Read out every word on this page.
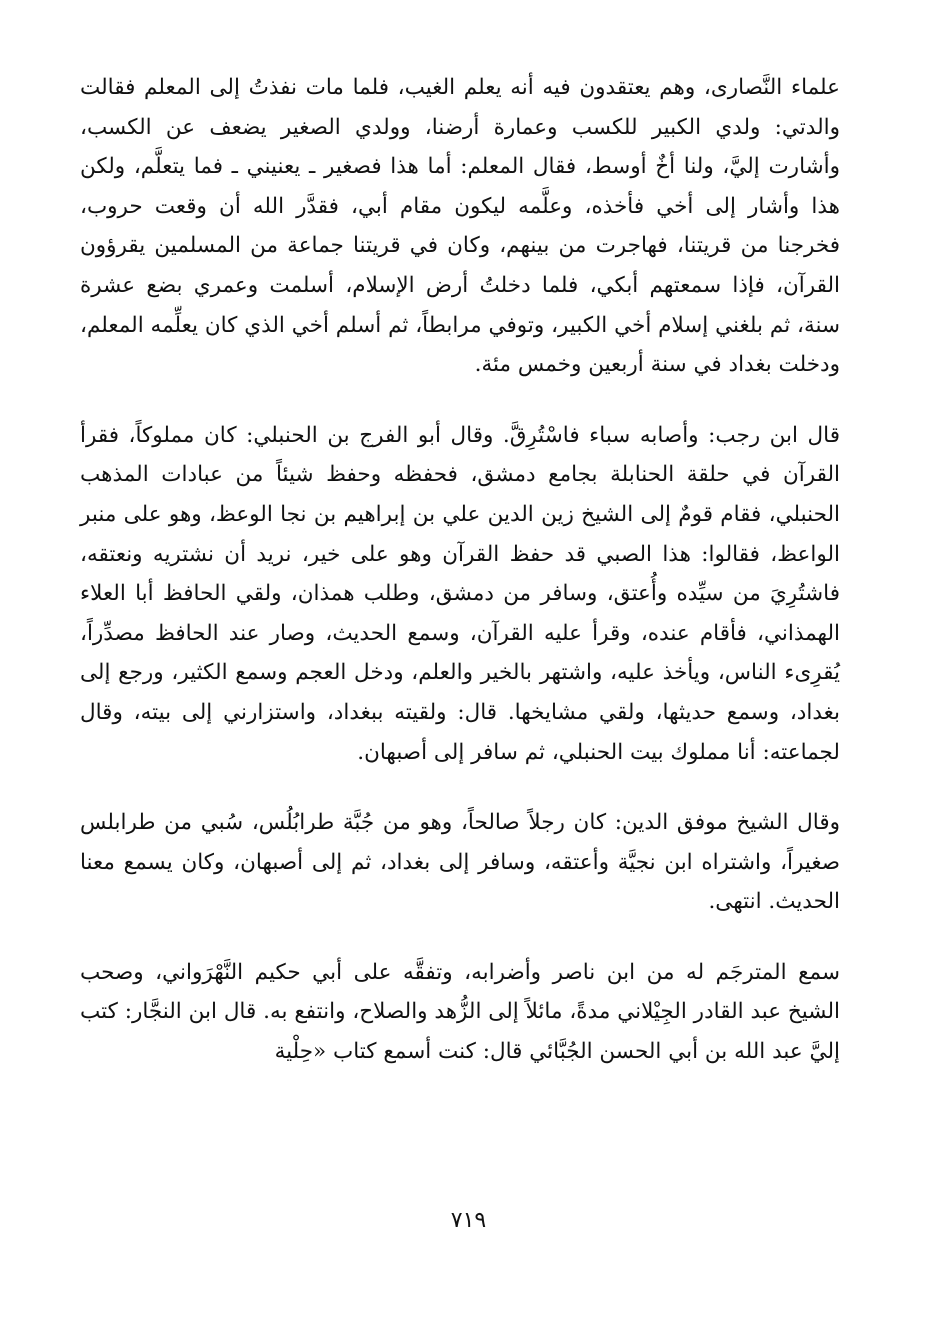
علماء النَّصارى، وهم يعتقدون فيه أنه يعلم الغيب، فلما مات نفذتُ إلى المعلم فقالت والدتي: ولدي الكبير للكسب وعمارة أرضنا، وولدي الصغير يضعف عن الكسب، وأشارت إليَّ، ولنا أخٌ أوسط، فقال المعلم: أما هذا فصغير ـ يعنيني ـ فما يتعلَّم، ولكن هذا وأشار إلى أخي فأخذه، وعلَّمه ليكون مقام أبي، فقدَّر الله أن وقعت حروب، فخرجنا من قريتنا، فهاجرت من بينهم، وكان في قريتنا جماعة من المسلمين يقرؤون القرآن، فإذا سمعتهم أبكي، فلما دخلتُ أرض الإسلام، أسلمت وعمري بضع عشرة سنة، ثم بلغني إسلام أخي الكبير، وتوفي مرابطاً، ثم أسلم أخي الذي كان يعلِّمه المعلم، ودخلت بغداد في سنة أربعين وخمس مئة.

قال ابن رجب: وأصابه سباء فاسْتُرِقَّ. وقال أبو الفرج بن الحنبلي: كان مملوكاً، فقرأ القرآن في حلقة الحنابلة بجامع دمشق، فحفظه وحفظ شيئاً من عبادات المذهب الحنبلي، فقام قومٌ إلى الشيخ زين الدين علي بن إبراهيم بن نجا الوعظ، وهو على منبر الواعظ، فقالوا: هذا الصبي قد حفظ القرآن وهو على خير، نريد أن نشتريه ونعتقه، فاشتُرِيَ من سيِّده وأُعتق، وسافر من دمشق، وطلب همذان، ولقي الحافظ أبا العلاء الهمذاني، فأقام عنده، وقرأ عليه القرآن، وسمع الحديث، وصار عند الحافظ مصدِّراً، يُقرِىء الناس، ويأخذ عليه، واشتهر بالخير والعلم، ودخل العجم وسمع الكثير، ورجع إلى بغداد، وسمع حديثها، ولقي مشايخها. قال: ولقيته ببغداد، واستزارني إلى بيته، وقال لجماعته: أنا مملوك بيت الحنبلي، ثم سافر إلى أصبهان.

وقال الشيخ موفق الدين: كان رجلاً صالحاً، وهو من جُبَّة طرابُلُس، سُبي من طرابلس صغيراً، واشتراه ابن نجيَّة وأعتقه، وسافر إلى بغداد، ثم إلى أصبهان، وكان يسمع معنا الحديث. انتهى.

سمع المترجَم له من ابن ناصر وأضرابه، وتفقَّه على أبي حكيم النَّهْرَواني، وصحب الشيخ عبد القادر الجِيْلاني مدةً، مائلاً إلى الزُّهد والصلاح، وانتفع به. قال ابن النجَّار: كتب إليَّ عبد الله بن أبي الحسن الجُبَّائي قال: كنت أسمع كتاب «حِلْية

٧١٩
